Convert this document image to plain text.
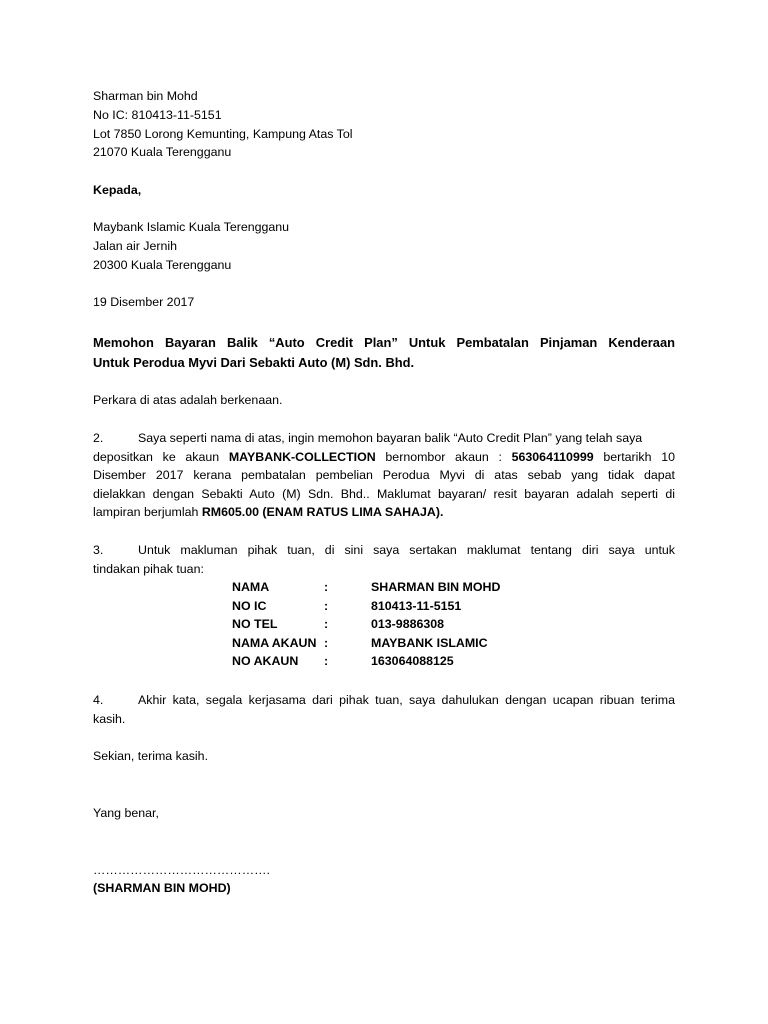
Sharman bin Mohd
No IC: 810413-11-5151
Lot 7850 Lorong Kemunting, Kampung Atas Tol
21070 Kuala Terengganu
Kepada,
Maybank Islamic Kuala Terengganu
Jalan air Jernih
20300 Kuala Terengganu
19 Disember 2017
Memohon Bayaran Balik “Auto Credit Plan” Untuk Pembatalan Pinjaman Kenderaan
Untuk Perodua Myvi Dari Sebakti Auto (M) Sdn. Bhd.
Perkara di atas adalah berkenaan.
2.	Saya seperti nama di atas, ingin memohon bayaran balik “Auto Credit Plan” yang telah saya
depositkan ke akaun MAYBANK-COLLECTION bernombor akaun : 563064110999 bertarikh 10
Disember 2017 kerana pembatalan pembelian Perodua Myvi di atas sebab yang tidak dapat
dielakkan dengan Sebakti Auto (M) Sdn. Bhd.. Maklumat bayaran/ resit bayaran adalah seperti di
lampiran berjumlah RM605.00 (ENAM RATUS LIMA SAHAJA).
3.	Untuk makluman pihak tuan, di sini saya sertakan maklumat tentang diri saya untuk
tindakan pihak tuan:
NAMA	:	SHARMAN BIN MOHD
NO IC	:	810413-11-5151
NO TEL	:	013-9886308
NAMA AKAUN :	MAYBANK ISLAMIC
NO AKAUN :	163064088125
4.	Akhir kata, segala kerjasama dari pihak tuan, saya dahulukan dengan ucapan ribuan terima
kasih.
Sekian, terima kasih.
Yang benar,
…………………………………….
(SHARMAN BIN MOHD)
